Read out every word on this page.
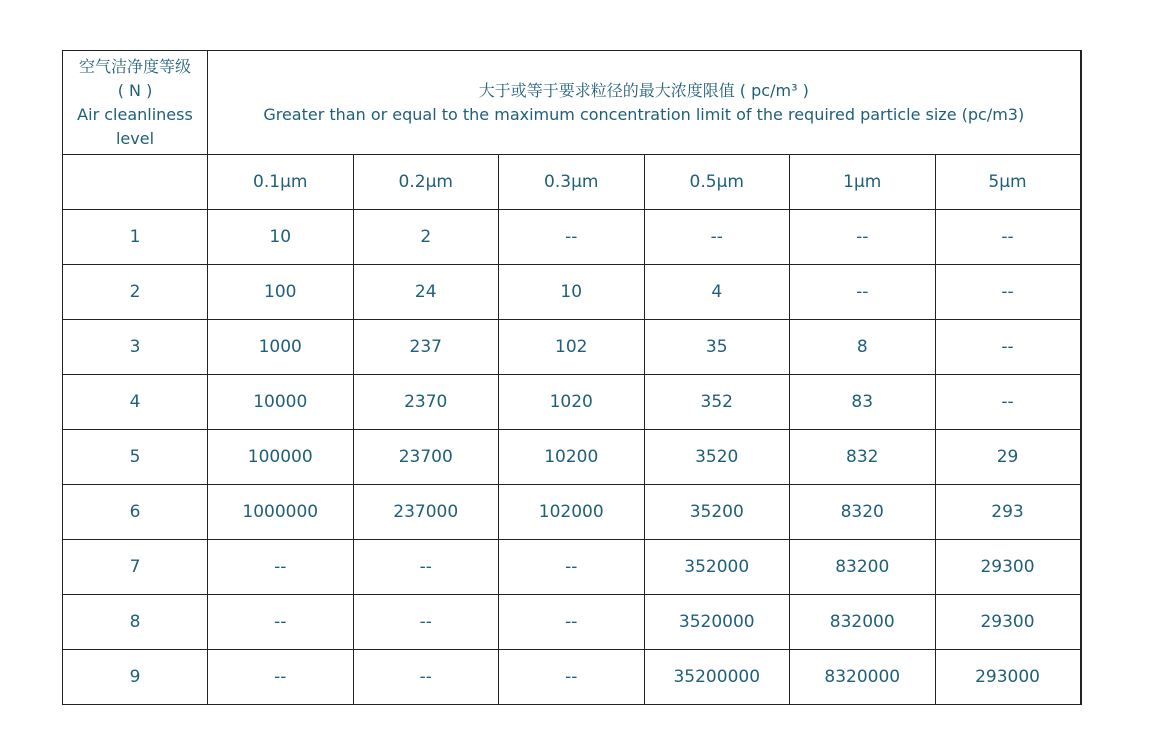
空气洁净度等级
( N )
Air cleanliness
level	大于或等于要求粒径的最大浓度限值 ( pc/m³ )
Greater than or equal to the maximum concentration limit of the required particle size (pc/m3)					

	0.1μm	0.2μm	0.3μm	0.5μm	1μm	5μm
1	10	2	--	--	--	--
2	100	24	10	4	--	--
3	1000	237	102	35	8	--
4	10000	2370	1020	352	83	--
5	100000	23700	10200	3520	832	29
6	1000000	237000	102000	35200	8320	293
7	--	--	--	352000	83200	29300
8	--	--	--	3520000	832000	29300
9	--	--	--	35200000	8320000	293000
